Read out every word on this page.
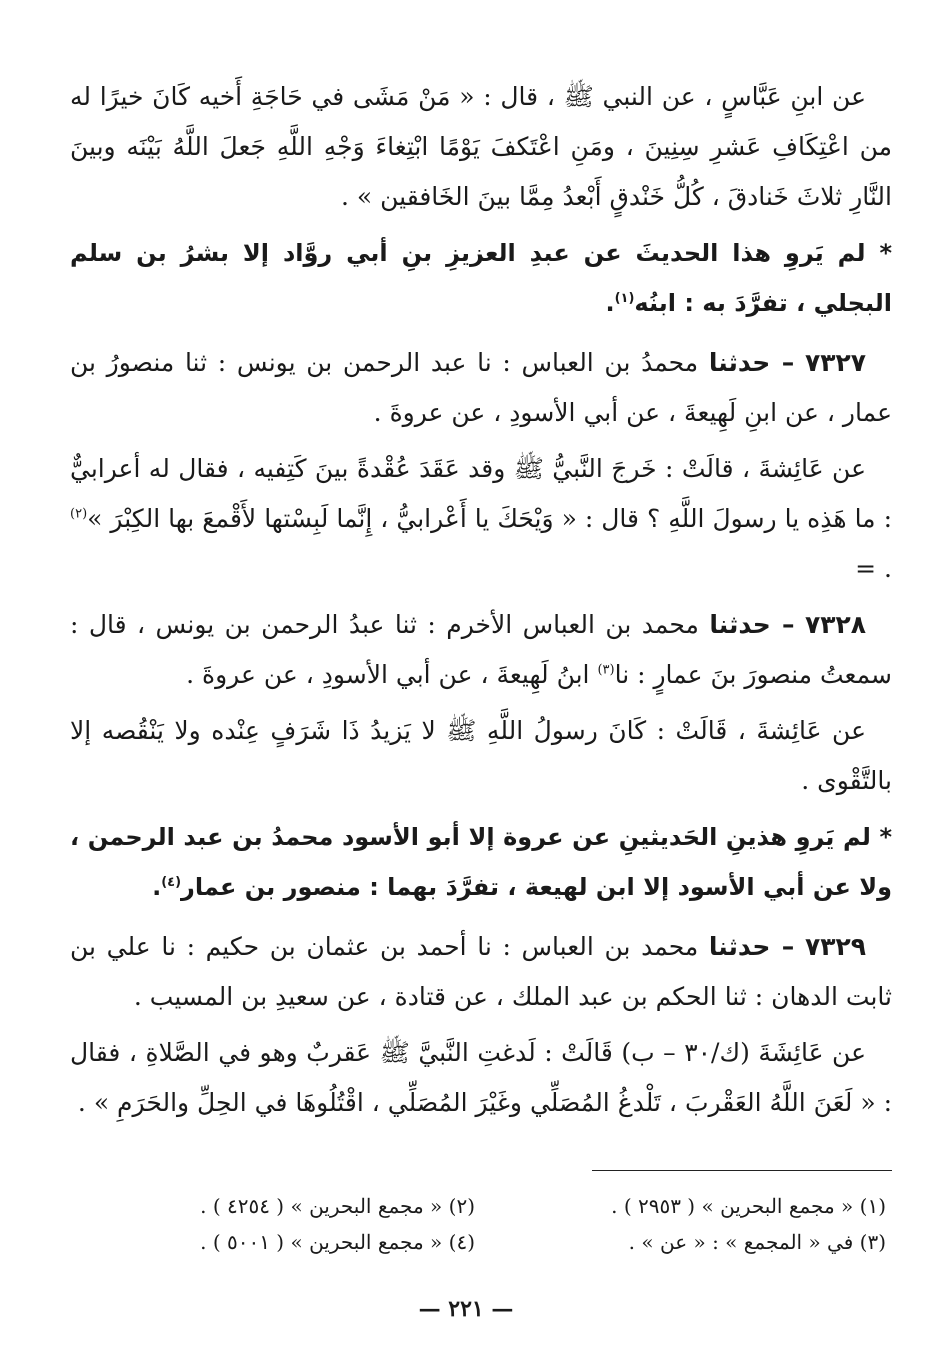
عن ابنِ عَبَّاسٍ ، عن النبي ﷺ ، قال : « مَنْ مَشَى في حَاجَةِ أَخيه كَانَ خيرًا له من اعْتِكَافِ عَشرِ سِنِينَ ، ومَنِ اعْتَكفَ يَوْمًا ابْتِغاءَ وَجْهِ اللَّهِ جَعلَ اللَّهُ بَيْنَه وبينَ النَّارِ ثلاثَ خَنادقَ ، كُلُّ خَنْدقٍ أَبْعدُ مِمَّا بينَ الخَافقين » .

* لم يَروِ هذا الحديثَ عن عبدِ العزيزِ بنِ أبي روَّاد إلا بشرُ بن سلم البجلي ، تفرَّدَ به : ابنُه$^{(١)}$.

٧٣٢٧ – حدثنا محمدُ بن العباس : نا عبد الرحمن بن يونس : ثنا منصورُ بن عمار ، عن ابنِ لَهِيعةَ ، عن أبي الأسودِ ، عن عروةَ .

عن عَائِشةَ ، قالَتْ : خَرجَ النَّبيُّ ﷺ وقد عَقَدَ عُقْدةً بينَ كَتِفيه ، فقال له أعرابيٌّ : ما هَذِه يا رسولَ اللَّهِ ؟ قال : « وَيْحَكَ يا أَعْرابيُّ ، إِنَّما لَبِسْتها لأَقْمعَ بها الكِبْرَ »$^{(٢)}$ . =

٧٣٢٨ – حدثنا محمد بن العباس الأخرم : ثنا عبدُ الرحمن بن يونس ، قال : سمعتُ منصورَ بنَ عمارٍ : نا$^{(٣)}$ ابنُ لَهِيعةَ ، عن أبي الأسودِ ، عن عروةَ .

عن عَائِشةَ ، قَالَتْ : كَانَ رسولُ اللَّهِ ﷺ لا يَزيدُ ذَا شَرَفٍ عِنْده ولا يَنْقُصه إلا بالتَّقْوى .

* لم يَروِ هذينِ الحَديثينِ عن عروة إلا أبو الأسود محمدُ بن عبد الرحمن ، ولا عن أبي الأسود إلا ابن لهيعة ، تفرَّدَ بهما : منصور بن عمار$^{(٤)}$.

٧٣٢٩ – حدثنا محمد بن العباس : نا أحمد بن عثمان بن حكيم : نا علي بن ثابت الدهان : ثنا الحكم بن عبد الملك ، عن قتادة ، عن سعيدِ بن المسيب .

عن عَائِشَةَ (ك/٣٠ – ب) قَالَتْ : لَدغتِ النَّبيَّ ﷺ عَقربٌ وهو في الصَّلاةِ ، فقال : « لَعَنَ اللَّهُ العَقْربَ ، تَلْدغُ المُصَلِّي وغَيْرَ المُصَلِّي ، اقْتُلُوهَا في الحِلِّ والحَرَمِ » .

(١) « مجمع البحرين » ( ٢٩٥٣ ) .
(٢) « مجمع البحرين » ( ٤٢٥٤ ) .
(٣) في « المجمع » : « عن » .
(٤) « مجمع البحرين » ( ٥٠٠١ ) .
— ٢٢١ —
